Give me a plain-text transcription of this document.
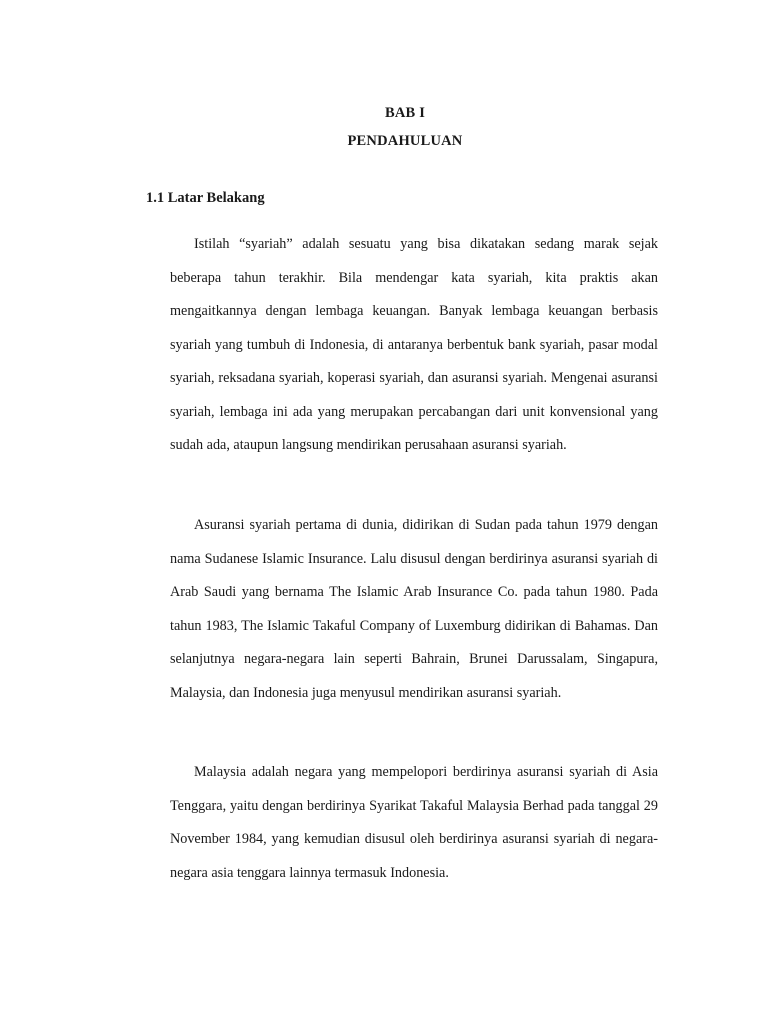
BAB I
PENDAHULUAN
1.1 Latar Belakang

Istilah “syariah” adalah sesuatu yang bisa dikatakan sedang marak sejak beberapa tahun terakhir. Bila mendengar kata syariah, kita praktis akan mengaitkannya dengan lembaga keuangan. Banyak lembaga keuangan berbasis syariah yang tumbuh di Indonesia, di antaranya berbentuk bank syariah, pasar modal syariah, reksadana syariah, koperasi syariah, dan asuransi syariah. Mengenai asuransi syariah, lembaga ini ada yang merupakan percabangan dari unit konvensional yang sudah ada, ataupun langsung mendirikan perusahaan asuransi syariah.

Asuransi syariah pertama di dunia, didirikan di Sudan pada tahun 1979 dengan nama Sudanese Islamic Insurance. Lalu disusul dengan berdirinya asuransi syariah di Arab Saudi yang bernama The Islamic Arab Insurance Co. pada tahun 1980. Pada tahun 1983, The Islamic Takaful Company of Luxemburg didirikan di Bahamas. Dan selanjutnya negara-negara lain seperti Bahrain, Brunei Darussalam, Singapura, Malaysia, dan Indonesia juga menyusul mendirikan asuransi syariah.

Malaysia adalah negara yang mempelopori berdirinya asuransi syariah di Asia Tenggara, yaitu dengan berdirinya Syarikat Takaful Malaysia Berhad pada tanggal 29 November 1984, yang kemudian disusul oleh berdirinya asuransi syariah di negara-negara asia tenggara lainnya termasuk Indonesia.
